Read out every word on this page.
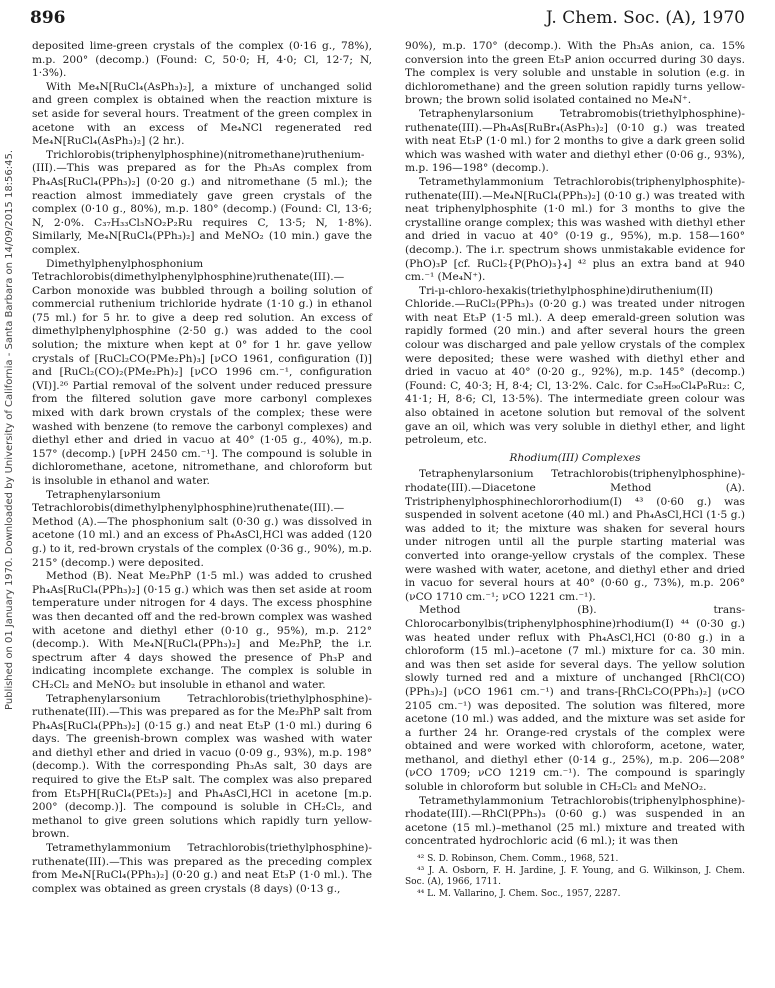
896	J. Chem. Soc. (A), 1970
Published on 01 January 1970. Downloaded by University of California - Santa Barbara on 14/09/2015 18:56:45.

deposited lime-green crystals of the complex (0·16 g., 78%), m.p. 200° (decomp.) (Found: C, 50·0; H, 4·0; Cl, 12·7; N, 1·3%).

With Me₄N[RuCl₄(AsPh₃)₂], a mixture of unchanged solid and green complex is obtained when the reaction mixture is set aside for several hours. Treatment of the green complex in acetone with an excess of Me₄NCl regenerated red Me₄N[RuCl₄(AsPh₃)₂] (2 hr.).

Trichlorobis(triphenylphosphine)(nitromethane)ruthenium-(III).—This was prepared as for the Ph₃As complex from Ph₄As[RuCl₄(PPh₃)₂] (0·20 g.) and nitromethane (5 ml.); the reaction almost immediately gave green crystals of the complex (0·10 g., 80%), m.p. 180° (decomp.) (Found: Cl, 13·6; N, 2·0%. C₃₇H₃₃Cl₃NO₂P₂Ru requires C, 13·5; N, 1·8%). Similarly, Me₄N[RuCl₄(PPh₃)₂] and MeNO₂ (10 min.) gave the complex.

Dimethylphenylphosphonium Tetrachlorobis(dimethylphenylphosphine)ruthenate(III).—Carbon monoxide was bubbled through a boiling solution of commercial ruthenium trichloride hydrate (1·10 g.) in ethanol (75 ml.) for 5 hr. to give a deep red solution. An excess of dimethylphenylphosphine (2·50 g.) was added to the cool solution; the mixture when kept at 0° for 1 hr. gave yellow crystals of [RuCl₂CO(PMe₂Ph)₃] [νCO 1961, configuration (I)] and [RuCl₂(CO)₂(PMe₂Ph)₂] [νCO 1996 cm.⁻¹, configuration (VI)].²⁶ Partial removal of the solvent under reduced pressure from the filtered solution gave more carbonyl complexes mixed with dark brown crystals of the complex; these were washed with benzene (to remove the carbonyl complexes) and diethyl ether and dried in vacuo at 40° (1·05 g., 40%), m.p. 157° (decomp.) [νPH 2450 cm.⁻¹]. The compound is soluble in dichloromethane, acetone, nitromethane, and chloroform but is insoluble in ethanol and water.

Tetraphenylarsonium Tetrachlorobis(dimethylphenylphosphine)ruthenate(III).—Method (A).—The phosphonium salt (0·30 g.) was dissolved in acetone (10 ml.) and an excess of Ph₄AsCl,HCl was added (120 g.) to it, red-brown crystals of the complex (0·36 g., 90%), m.p. 215° (decomp.) were deposited.

Method (B). Neat Me₂PhP (1·5 ml.) was added to crushed Ph₄As[RuCl₄(PPh₃)₂] (0·15 g.) which was then set aside at room temperature under nitrogen for 4 days. The excess phosphine was then decanted off and the red-brown complex was washed with acetone and diethyl ether (0·10 g., 95%), m.p. 212° (decomp.). With Me₄N[RuCl₄(PPh₃)₂] and Me₂PhP, the i.r. spectrum after 4 days showed the presence of Ph₃P and indicating incomplete exchange. The complex is soluble in CH₂Cl₂ and MeNO₂ but insoluble in ethanol and water.

Tetraphenylarsonium Tetrachlorobis(triethylphosphine)-ruthenate(III).—This was prepared as for the Me₂PhP salt from Ph₄As[RuCl₄(PPh₃)₂] (0·15 g.) and neat Et₃P (1·0 ml.) during 6 days. The greenish-brown complex was washed with water and diethyl ether and dried in vacuo (0·09 g., 93%), m.p. 198° (decomp.). With the corresponding Ph₃As salt, 30 days are required to give the Et₃P salt. The complex was also prepared from Et₃PH[RuCl₄(PEt₃)₂] and Ph₄AsCl,HCl in acetone [m.p. 200° (decomp.)]. The compound is soluble in CH₂Cl₂, and methanol to give green solutions which rapidly turn yellow-brown.

Tetramethylammonium Tetrachlorobis(triethylphosphine)-ruthenate(III).—This was prepared as the preceding complex from Me₄N[RuCl₄(PPh₃)₂] (0·20 g.) and neat Et₃P (1·0 ml.). The complex was obtained as green crystals (8 days) (0·13 g.,

90%), m.p. 170° (decomp.). With the Ph₃As anion, ca. 15% conversion into the green Et₃P anion occurred during 30 days. The complex is very soluble and unstable in solution (e.g. in dichloromethane) and the green solution rapidly turns yellow-brown; the brown solid isolated contained no Me₄N⁺.

Tetraphenylarsonium Tetrabromobis(triethylphosphine)-ruthenate(III).—Ph₄As[RuBr₄(AsPh₃)₂] (0·10 g.) was treated with neat Et₃P (1·0 ml.) for 2 months to give a dark green solid which was washed with water and diethyl ether (0·06 g., 93%), m.p. 196—198° (decomp.).

Tetramethylammonium Tetrachlorobis(triphenylphosphite)-ruthenate(III).—Me₄N[RuCl₄(PPh₃)₂] (0·10 g.) was treated with neat triphenylphosphite (1·0 ml.) for 3 months to give the crystalline orange complex; this was washed with diethyl ether and dried in vacuo at 40° (0·19 g., 95%), m.p. 158—160° (decomp.). The i.r. spectrum shows unmistakable evidence for (PhO)₃P [cf. RuCl₂{P(PhO)₃}₄] ⁴² plus an extra band at 940 cm.⁻¹ (Me₄N⁺).

Tri-μ-chloro-hexakis(triethylphosphine)diruthenium(II) Chloride.—RuCl₂(PPh₃)₃ (0·20 g.) was treated under nitrogen with neat Et₃P (1·5 ml.). A deep emerald-green solution was rapidly formed (20 min.) and after several hours the green colour was discharged and pale yellow crystals of the complex were deposited; these were washed with diethyl ether and dried in vacuo at 40° (0·20 g., 92%), m.p. 145° (decomp.) (Found: C, 40·3; H, 8·4; Cl, 13·2%. Calc. for C₃₆H₉₀Cl₄P₆Ru₂: C, 41·1; H, 8·6; Cl, 13·5%). The intermediate green colour was also obtained in acetone solution but removal of the solvent gave an oil, which was very soluble in diethyl ether, and light petroleum, etc.

Rhodium(III) Complexes

Tetraphenylarsonium Tetrachlorobis(triphenylphosphine)-rhodate(III).—Diacetone Method (A). Tristriphenylphosphinechlororhodium(I) ⁴³ (0·60 g.) was suspended in solvent acetone (40 ml.) and Ph₄AsCl,HCl (1·5 g.) was added to it; the mixture was shaken for several hours under nitrogen until all the purple starting material was converted into orange-yellow crystals of the complex. These were washed with water, acetone, and diethyl ether and dried in vacuo for several hours at 40° (0·60 g., 73%), m.p. 206° (νCO 1710 cm.⁻¹; νCO 1221 cm.⁻¹).

Method (B). trans-Chlorocarbonylbis(triphenylphosphine)rhodium(I) ⁴⁴ (0·30 g.) was heated under reflux with Ph₄AsCl,HCl (0·80 g.) in a chloroform (15 ml.)–acetone (7 ml.) mixture for ca. 30 min. and was then set aside for several days. The yellow solution slowly turned red and a mixture of unchanged [RhCl(CO)(PPh₃)₂] (νCO 1961 cm.⁻¹) and trans-[RhCl₂CO(PPh₃)₂] (νCO 2105 cm.⁻¹) was deposited. The solution was filtered, more acetone (10 ml.) was added, and the mixture was set aside for a further 24 hr. Orange-red crystals of the complex were obtained and were worked with chloroform, acetone, water, methanol, and diethyl ether (0·14 g., 25%), m.p. 206—208° (νCO 1709; νCO 1219 cm.⁻¹). The compound is sparingly soluble in chloroform but soluble in CH₂Cl₂ and MeNO₂.

Tetramethylammonium Tetrachlorobis(triphenylphosphine)-rhodate(III).—RhCl(PPh₃)₃ (0·60 g.) was suspended in an acetone (15 ml.)–methanol (25 ml.) mixture and treated with concentrated hydrochloric acid (6 ml.); it was then

⁴² S. D. Robinson, Chem. Comm., 1968, 521.

⁴³ J. A. Osborn, F. H. Jardine, J. F. Young, and G. Wilkinson, J. Chem. Soc. (A), 1966, 1711.

⁴⁴ L. M. Vallarino, J. Chem. Soc., 1957, 2287.
